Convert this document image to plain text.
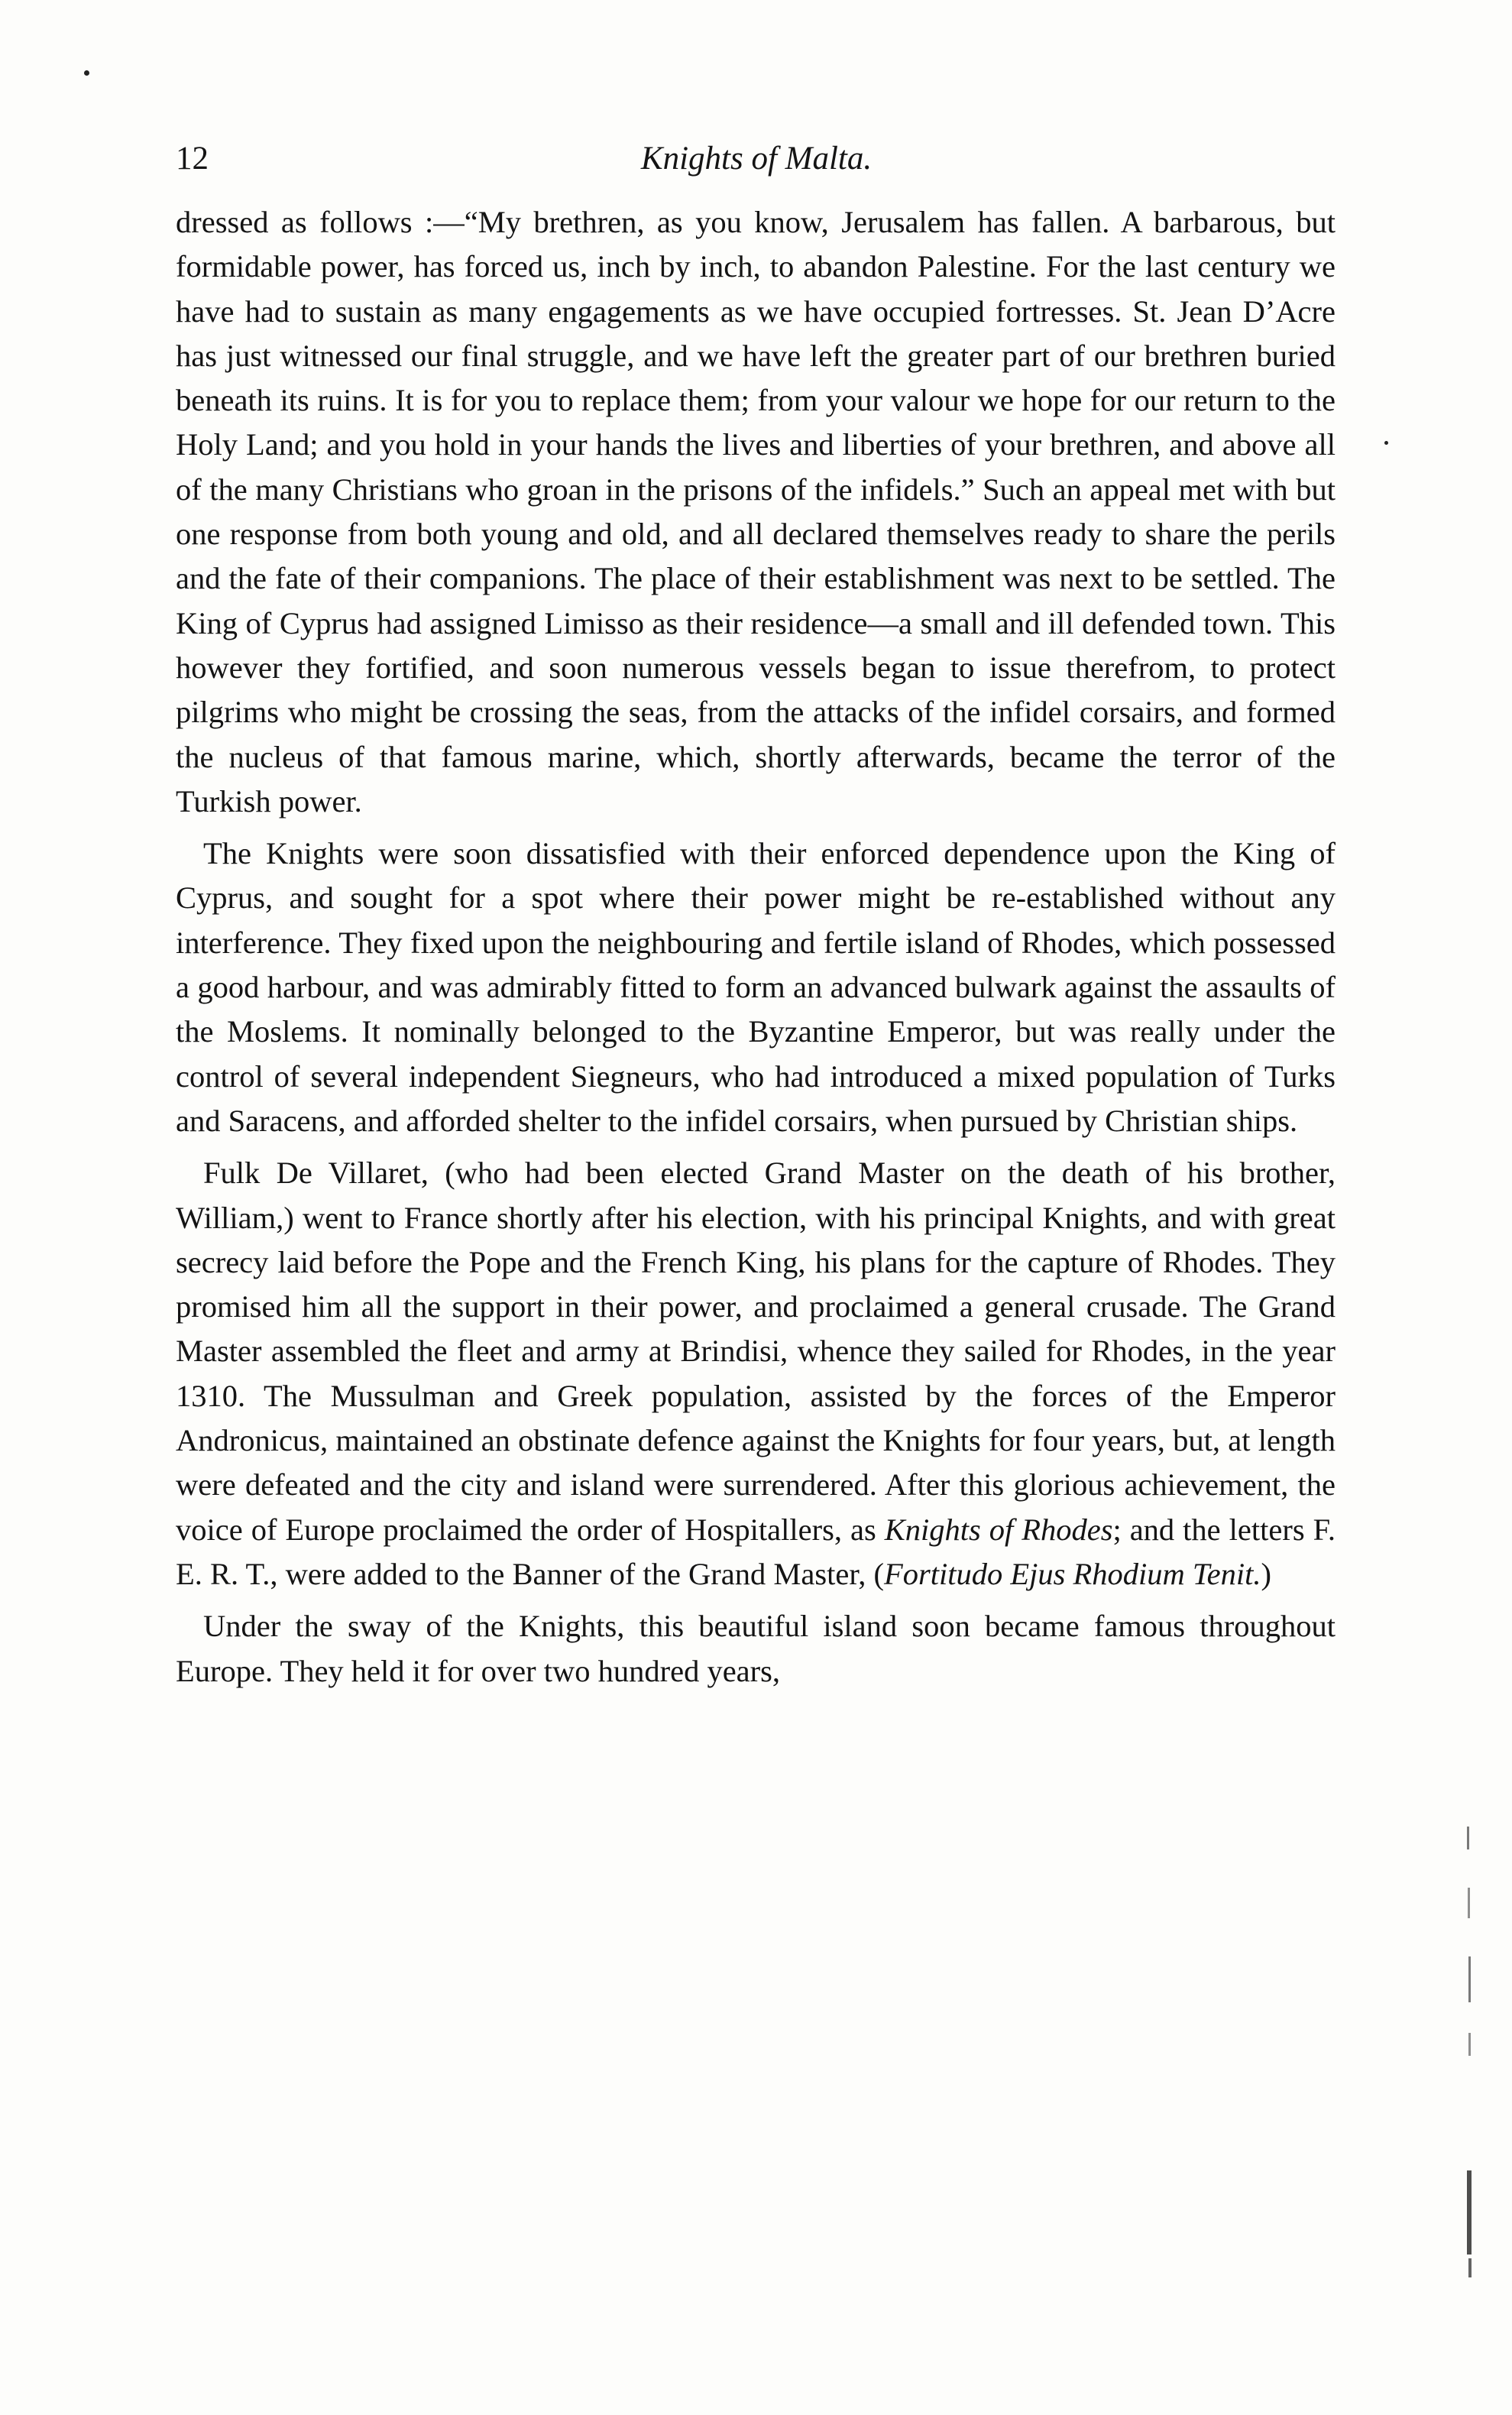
12	Knights of Malta.

dressed as follows :—“My brethren, as you know, Jerusalem has fallen. A barbarous, but formidable power, has forced us, inch by inch, to abandon Palestine. For the last century we have had to sustain as many engagements as we have occupied fortresses. St. Jean D’Acre has just witnessed our final struggle, and we have left the greater part of our brethren buried beneath its ruins. It is for you to replace them; from your valour we hope for our return to the Holy Land; and you hold in your hands the lives and liberties of your brethren, and above all of the many Christians who groan in the prisons of the infidels.” Such an appeal met with but one response from both young and old, and all declared themselves ready to share the perils and the fate of their companions. The place of their establishment was next to be settled. The King of Cyprus had assigned Limisso as their residence—a small and ill defended town. This however they fortified, and soon numerous vessels began to issue therefrom, to protect pilgrims who might be crossing the seas, from the attacks of the infidel corsairs, and formed the nucleus of that famous marine, which, shortly afterwards, became the terror of the Turkish power.

The Knights were soon dissatisfied with their enforced dependence upon the King of Cyprus, and sought for a spot where their power might be re-established without any interference. They fixed upon the neighbouring and fertile island of Rhodes, which possessed a good harbour, and was admirably fitted to form an advanced bulwark against the assaults of the Moslems. It nominally belonged to the Byzantine Emperor, but was really under the control of several independent Siegneurs, who had introduced a mixed population of Turks and Saracens, and afforded shelter to the infidel corsairs, when pursued by Christian ships.

Fulk De Villaret, (who had been elected Grand Master on the death of his brother, William,) went to France shortly after his election, with his principal Knights, and with great secrecy laid before the Pope and the French King, his plans for the capture of Rhodes. They promised him all the support in their power, and proclaimed a general crusade. The Grand Master assembled the fleet and army at Brindisi, whence they sailed for Rhodes, in the year 1310. The Mussulman and Greek population, assisted by the forces of the Emperor Andronicus, maintained an obstinate defence against the Knights for four years, but, at length were defeated and the city and island were surrendered. After this glorious achievement, the voice of Europe proclaimed the order of Hospitallers, as Knights of Rhodes; and the letters F. E. R. T., were added to the Banner of the Grand Master, (Fortitudo Ejus Rhodium Tenit.)

Under the sway of the Knights, this beautiful island soon became famous throughout Europe. They held it for over two hundred years,
